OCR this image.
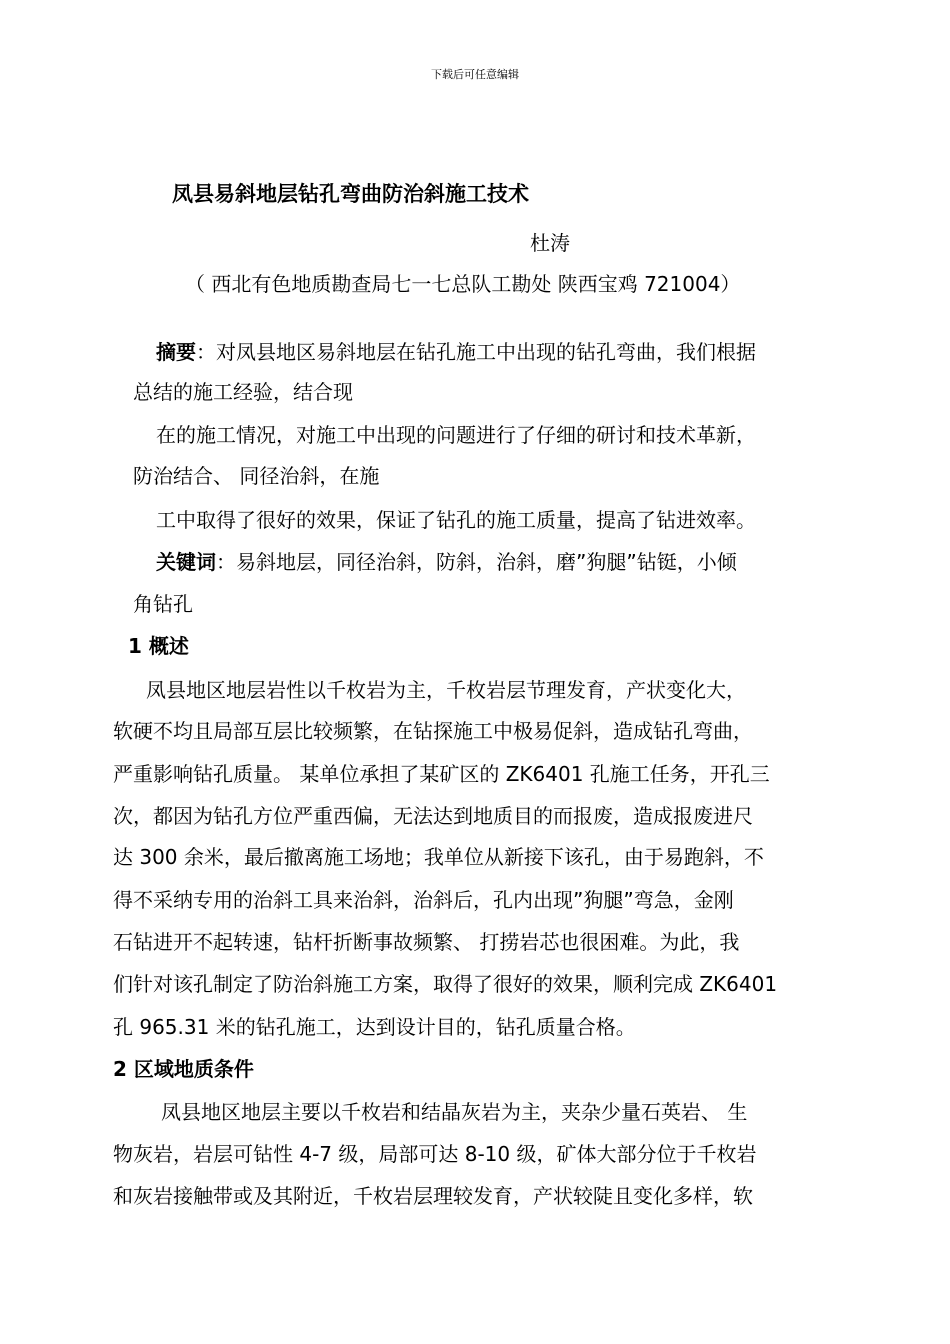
下载后可任意编辑
凤县易斜地层钻孔弯曲防治斜施工技术
杜涛
（ 西北有色地质勘查局七一七总队工勘处 陕西宝鸡 721004）
摘要：对凤县地区易斜地层在钻孔施工中出现的钻孔弯曲，我们根据
总结的施工经验，结合现
在的施工情况，对施工中出现的问题进行了仔细的研讨和技术革新，
防治结合、 同径治斜，在施
工中取得了很好的效果，保证了钻孔的施工质量，提高了钻进效率。
关键词：易斜地层，同径治斜，防斜，治斜，磨”狗腿”钻铤，小倾
角钻孔
1 概述
凤县地区地层岩性以千枚岩为主，千枚岩层节理发育，产状变化大，
软硬不均且局部互层比较频繁，在钻探施工中极易促斜，造成钻孔弯曲，
严重影响钻孔质量。 某单位承担了某矿区的 ZK6401 孔施工任务，开孔三
次，都因为钻孔方位严重西偏，无法达到地质目的而报废，造成报废进尺
达 300 余米，最后撤离施工场地；我单位从新接下该孔，由于易跑斜，不
得不采纳专用的治斜工具来治斜，治斜后，孔内出现”狗腿”弯急，金刚
石钻进开不起转速，钻杆折断事故频繁、 打捞岩芯也很困难。为此，我
们针对该孔制定了防治斜施工方案，取得了很好的效果，顺利完成 ZK6401
孔 965.31 米的钻孔施工，达到设计目的，钻孔质量合格。
2 区域地质条件
凤县地区地层主要以千枚岩和结晶灰岩为主，夹杂少量石英岩、 生
物灰岩，岩层可钻性 4-7 级，局部可达 8-10 级，矿体大部分位于千枚岩
和灰岩接触带或及其附近，千枚岩层理较发育，产状较陡且变化多样，软
